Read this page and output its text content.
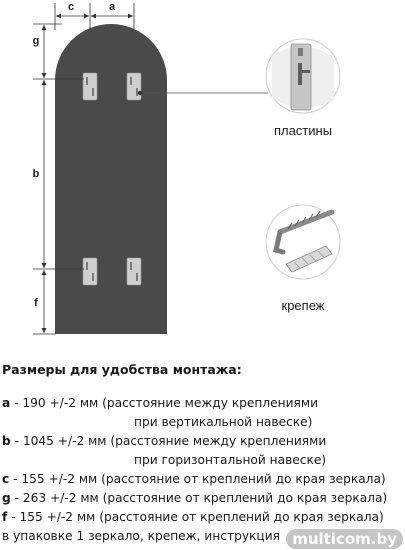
c	a
g
b
f
пластины
крепеж
Размеры для удобства монтажа:
a - 190 +/-2 мм (расстояние между креплениями
при вертикальной навеске)
b - 1045 +/-2 мм (расстояние между креплениями
при горизонтальной навеске)
c - 155 +/-2 мм (расстояние от креплений до края зеркала)
g - 263 +/-2 мм (расстояние от креплений до края зеркала)
f - 155 +/-2 мм (расстояние от креплений до края зеркала)
в упаковке 1 зеркало, крепеж, инструкция multicom.by
